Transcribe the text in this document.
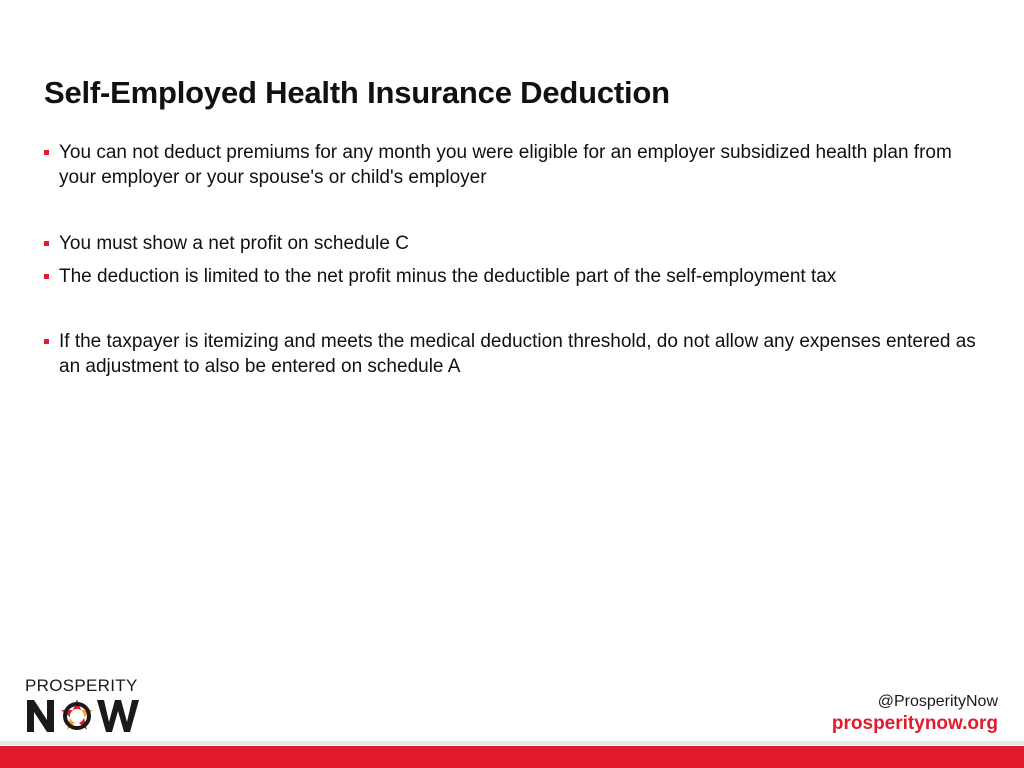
Self-Employed Health Insurance Deduction
You can not deduct premiums for any month you were eligible for an employer subsidized health plan from your employer or your spouse's or child's employer
You must show a net profit on schedule C
The deduction is limited to the net profit minus the deductible part of the self-employment tax
If the taxpayer is itemizing and meets the medical deduction threshold, do not allow any expenses entered as an adjustment to also be entered on schedule A
PROSPERITY
@ProsperityNow
prosperitynow.org
